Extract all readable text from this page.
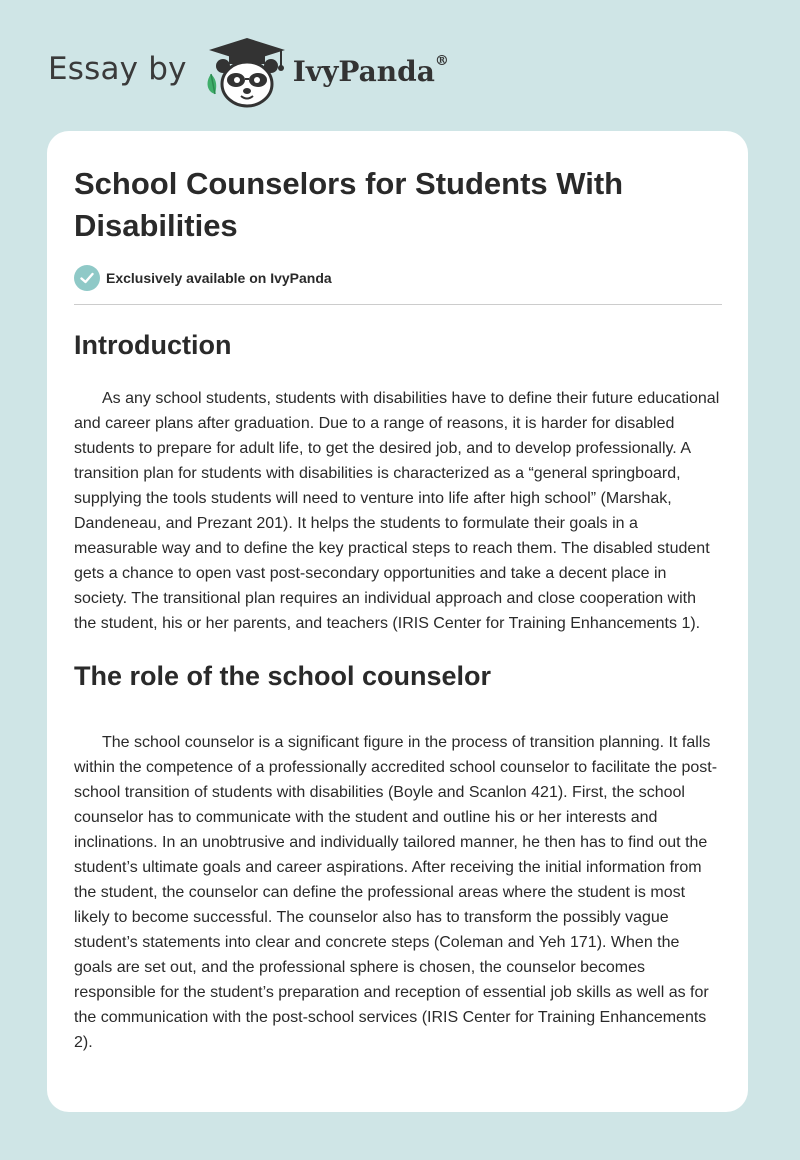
Essay by	IvyPanda®
School Counselors for Students With Disabilities
Exclusively available on IvyPanda
Introduction

As any school students, students with disabilities have to define their future educational and career plans after graduation. Due to a range of reasons, it is harder for disabled students to prepare for adult life, to get the desired job, and to develop professionally. A transition plan for students with disabilities is characterized as a “general springboard, supplying the tools students will need to venture into life after high school” (Marshak, Dandeneau, and Prezant 201). It helps the students to formulate their goals in a measurable way and to define the key practical steps to reach them. The disabled student gets a chance to open vast post-secondary opportunities and take a decent place in society. The transitional plan requires an individual approach and close cooperation with the student, his or her parents, and teachers (IRIS Center for Training Enhancements 1).

The role of the school counselor

The school counselor is a significant figure in the process of transition planning. It falls within the competence of a professionally accredited school counselor to facilitate the post-school transition of students with disabilities (Boyle and Scanlon 421). First, the school counselor has to communicate with the student and outline his or her interests and inclinations. In an unobtrusive and individually tailored manner, he then has to find out the student’s ultimate goals and career aspirations. After receiving the initial information from the student, the counselor can define the professional areas where the student is most likely to become successful. The counselor also has to transform the possibly vague student’s statements into clear and concrete steps (Coleman and Yeh 171). When the goals are set out, and the professional sphere is chosen, the counselor becomes responsible for the student’s preparation and reception of essential job skills as well as for the communication with the post-school services (IRIS Center for Training Enhancements 2).
